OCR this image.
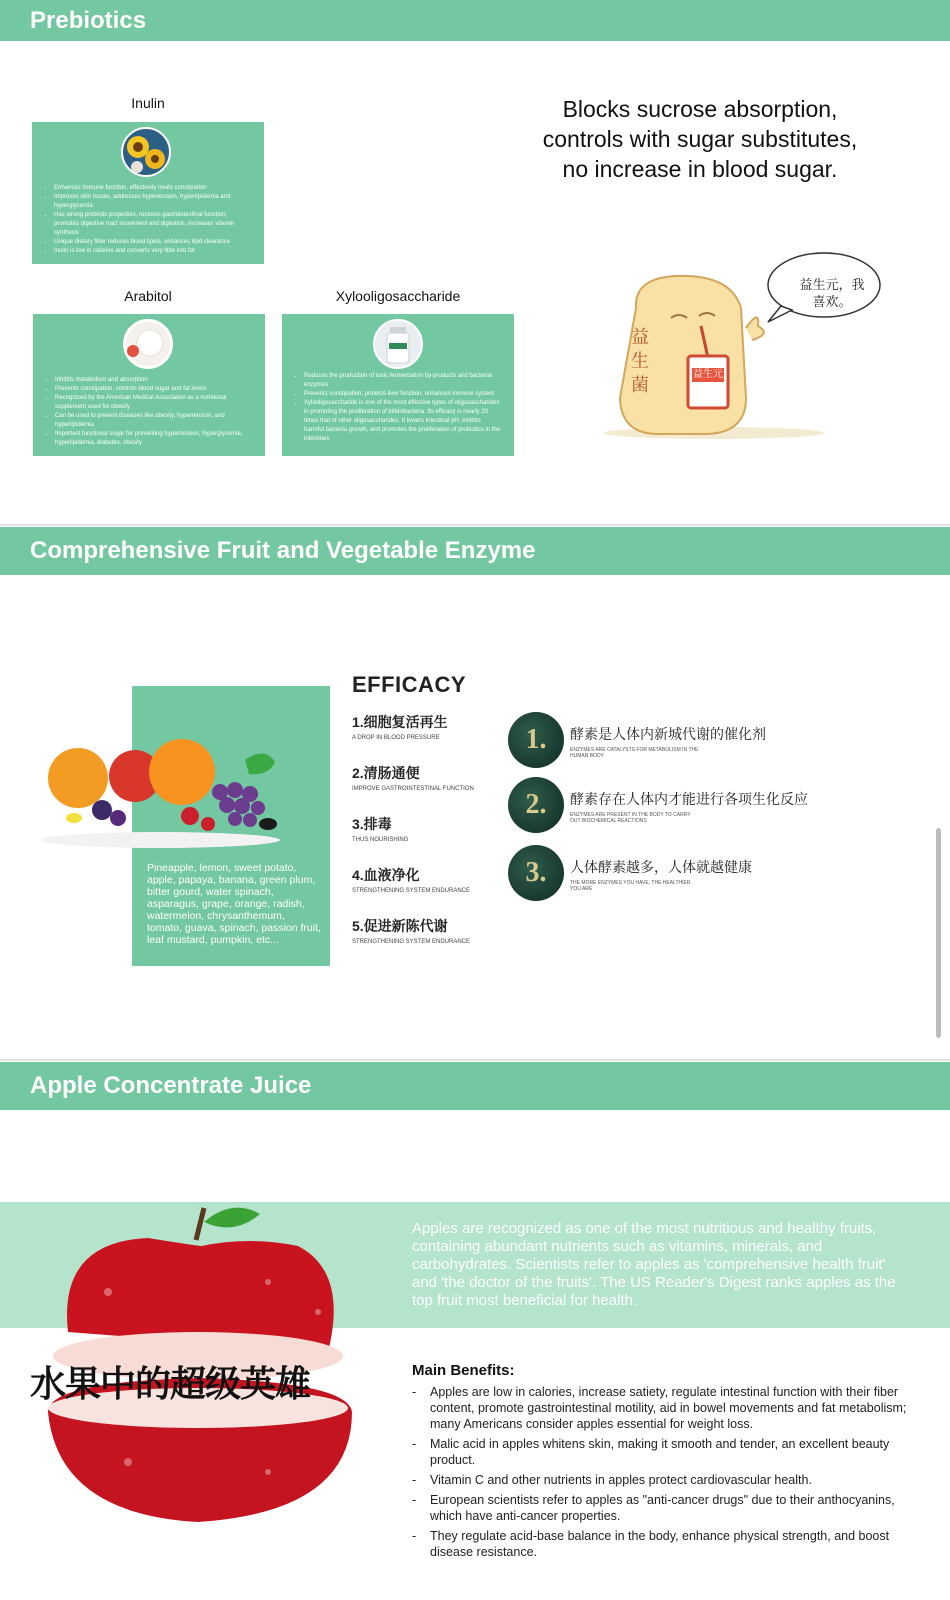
Prebiotics
Inulin
• Enhances immune function, effectively treats constipation
• Improves skin issues, addresses hypertension, hyperlipidemia and hyperglycemia
• Has strong prebiotic properties, restores gastrointestinal function, promotes digestive tract movement and digestion, increases vitamin synthesis
• Unique dietary fiber reduces blood lipids, enhances lipid clearance
• Inulin is low in calories and converts very little into fat
Arabitol
• Inhibits metabolism and absorption
• Prevents constipation, controls blood sugar and fat levels
• Recognized by the American Medical Association as a nutritional supplement used for obesity
• Can be used to prevent diseases like obesity, hypertension, and hyperlipidemia
• Important functional sugar for preventing hypertension, hyperglycemia, hyperlipidemia, diabetes, obesity
Xylooligosaccharide
• Reduces the production of toxic fermentation by-products and bacterial enzymes
• Prevents constipation, protects liver function, enhances immune system
• Xylooligosaccharide is one of the most effective types of oligosaccharides in promoting the proliferation of bifidobacteria. Its efficacy is nearly 20 times that of other oligosaccharides. It lowers intestinal pH, inhibits harmful bacteria growth, and promotes the proliferation of probiotics in the intestines
Blocks sucrose absorption,
controls with sugar substitutes,
no increase in blood sugar.
益生元，我喜欢。
益生菌
益生元
Comprehensive Fruit and Vegetable Enzyme
Pineapple, lemon, sweet potato, apple, papaya, banana, green plum, bitter gourd, water spinach, asparagus, grape, orange, radish, watermelon, chrysanthemum, tomato, guava, spinach, passion fruit, leaf mustard, pumpkin, etc...
EFFICACY
1.细胞复活再生
A DROP IN BLOOD PRESSURE
2.清肠通便
IMPROVE GASTROINTESTINAL FUNCTION
3.排毒
THUS NOURISHING
4.血液净化
STRENGTHENING SYSTEM ENDURANCE
5.促进新陈代谢
STRENGTHENING SYSTEM ENDURANCE
1.	酵素是人体内新城代谢的催化剂
ENZYMES ARE CATALYSTS FOR METABOLISM IN THE HUMAN BODY
2.	酵素存在人体内才能进行各项生化反应
ENZYMES ARE PRESENT IN THE BODY TO CARRY OUT BIOCHEMICAL REACTIONS
3.	人体酵素越多，人体就越健康
THE MORE ENZYMES YOU HAVE, THE HEALTHIER YOU ARE
Apple Concentrate Juice
水果中的超级英雄
Apples are recognized as one of the most nutritious and healthy fruits, containing abundant nutrients such as vitamins, minerals, and carbohydrates. Scientists refer to apples as 'comprehensive health fruit' and 'the doctor of the fruits'. The US Reader's Digest ranks apples as the top fruit most beneficial for health.
Main Benefits:
- Apples are low in calories, increase satiety, regulate intestinal function with their fiber content, promote gastrointestinal motility, aid in bowel movements and fat metabolism; many Americans consider apples essential for weight loss.
- Malic acid in apples whitens skin, making it smooth and tender, an excellent beauty product.
- Vitamin C and other nutrients in apples protect cardiovascular health.
- European scientists refer to apples as "anti-cancer drugs" due to their anthocyanins, which have anti-cancer properties.
- They regulate acid-base balance in the body, enhance physical strength, and boost disease resistance.
